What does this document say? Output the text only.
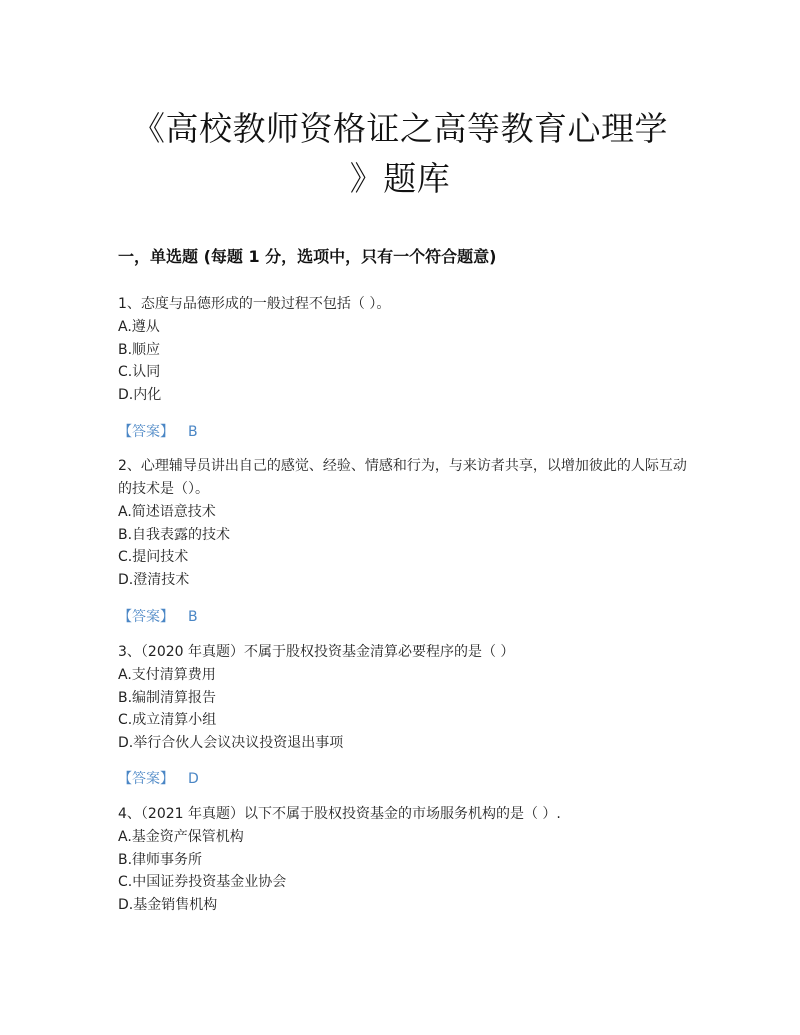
《高校教师资格证之高等教育心理学
》题库
一，单选题 (每题 1 分，选项中，只有一个符合题意)
1、态度与品德形成的一般过程不包括（ ）。
A.遵从
B.顺应
C.认同
D.内化
【答案】 B
2、心理辅导员讲出自己的感觉、经验、情感和行为，与来访者共享，以增加彼此的人际互动的技术是（）。
A.简述语意技术
B.自我表露的技术
C.提问技术
D.澄清技术
【答案】 B
3、（2020 年真题）不属于股权投资基金清算必要程序的是（ ）
A.支付清算费用
B.编制清算报告
C.成立清算小组
D.举行合伙人会议决议投资退出事项
【答案】 D
4、（2021 年真题）以下不属于股权投资基金的市场服务机构的是（ ）.
A.基金资产保管机构
B.律师事务所
C.中国证券投资基金业协会
D.基金销售机构
